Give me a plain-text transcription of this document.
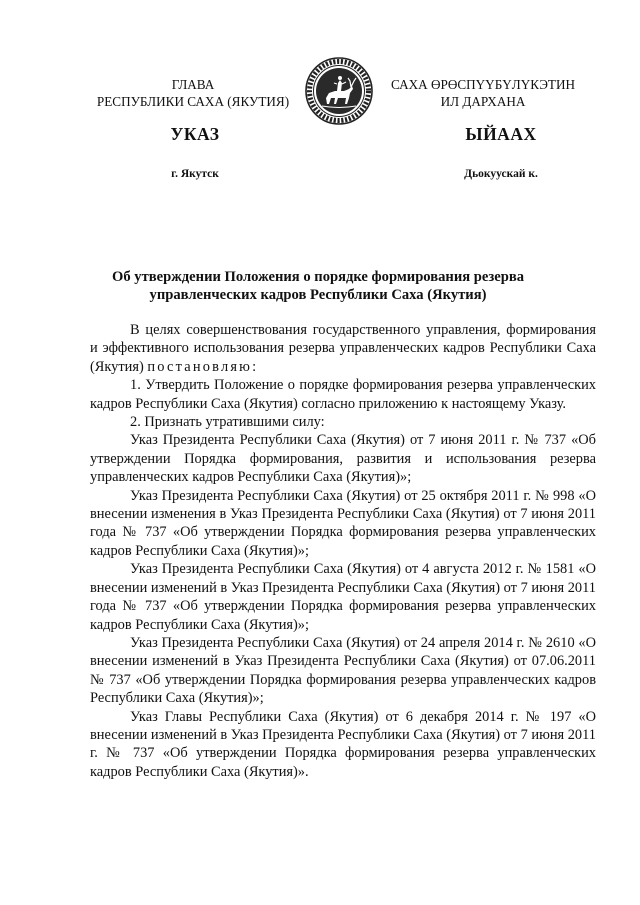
ГЛАВА
РЕСПУБЛИКИ САХА (ЯКУТИЯ)
САХА ӨРӨСПҮҮБҮЛҮКЭТИН
ИЛ ДАРХАНА
УКАЗ	ЫЙААХ
г. Якутск	Дьокуускай к.
Об утверждении Положения о порядке формирования резерва
управленческих кадров Республики Саха (Якутия)

В целях совершенствования государственного управления, формирования и эффективного использования резерва управленческих кадров Республики Саха (Якутия) постановляю:

1. Утвердить Положение о порядке формирования резерва управленческих кадров Республики Саха (Якутия) согласно приложению к настоящему Указу.

2. Признать утратившими силу:

Указ Президента Республики Саха (Якутия) от 7 июня 2011 г. № 737 «Об утверждении Порядка формирования, развития и использования резерва управленческих кадров Республики Саха (Якутия)»;

Указ Президента Республики Саха (Якутия) от 25 октября 2011 г. № 998 «О внесении изменения в Указ Президента Республики Саха (Якутия) от 7 июня 2011 года № 737 «Об утверждении Порядка формирования резерва управленческих кадров Республики Саха (Якутия)»;

Указ Президента Республики Саха (Якутия) от 4 августа 2012 г. № 1581 «О внесении изменений в Указ Президента Республики Саха (Якутия) от 7 июня 2011 года № 737 «Об утверждении Порядка формирования резерва управленческих кадров Республики Саха (Якутия)»;

Указ Президента Республики Саха (Якутия) от 24 апреля 2014 г. № 2610 «О внесении изменений в Указ Президента Республики Саха (Якутия) от 07.06.2011 № 737 «Об утверждении Порядка формирования резерва управленческих кадров Республики Саха (Якутия)»;

Указ Главы Республики Саха (Якутия) от 6 декабря 2014 г. № 197 «О внесении изменений в Указ Президента Республики Саха (Якутия) от 7 июня 2011 г. № 737 «Об утверждении Порядка формирования резерва управленческих кадров Республики Саха (Якутия)».
